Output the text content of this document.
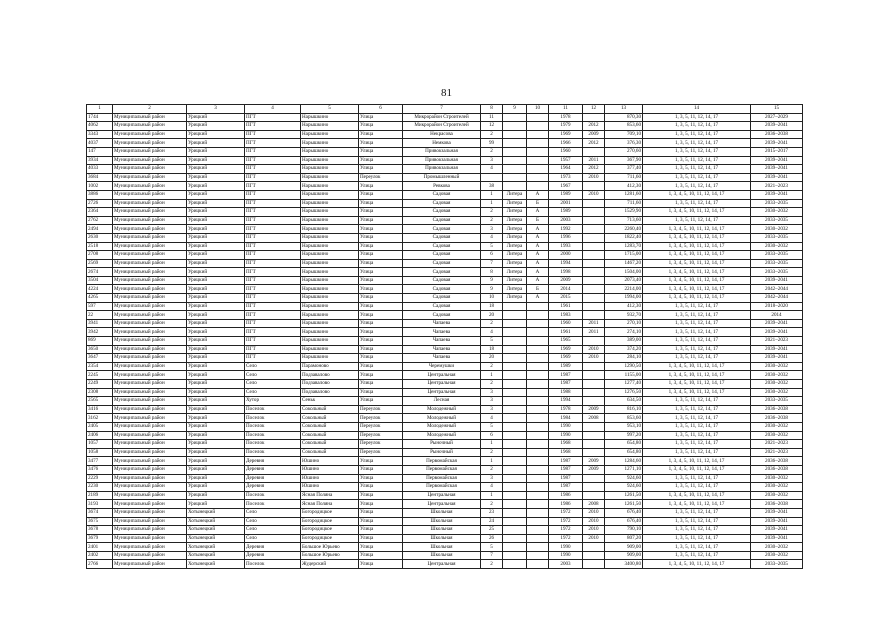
81
1	2	3	4	5	6	7	8	9	10	11	12	13	14	15
1744	Муниципальный район	Урицкий	ПГТ	Нарышкино	Улица	Микрорайон Строителей	11			1978		870,30	1, 3, 5, 11, 12, 14, 17	2027–2029
4062	Муниципальный район	Урицкий	ПГТ	Нарышкино	Улица	Микрорайон Строителей	12			1979	2012	853,60	1, 3, 5, 11, 12, 14, 17	2039–2041
3343	Муниципальный район	Урицкий	ПГТ	Нарышкино	Улица	Некрасова	2			1969	2009	709,10	1, 3, 5, 11, 12, 14, 17	2036–2038
4037	Муниципальный район	Урицкий	ПГТ	Нарышкино	Улица	Немкова	99			1966	2012	376,30	1, 3, 5, 11, 12, 14, 17	2039–2041
147	Муниципальный район	Урицкий	ПГТ	Нарышкино	Улица	Привокзальная	2			1960		270,60	1, 3, 5, 11, 12, 14, 17	2015–2017
3934	Муниципальный район	Урицкий	ПГТ	Нарышкино	Улица	Привокзальная	3			1957	2011	367,90	1, 3, 5, 11, 12, 14, 17	2039–2041
4033	Муниципальный район	Урицкий	ПГТ	Нарышкино	Улица	Привокзальная	4			1964	2012	377,40	1, 3, 5, 11, 12, 14, 17	2039–2041
3684	Муниципальный район	Урицкий	ПГТ	Нарышкино	Переулок	Промышленный				1973	2010	711,60	1, 3, 5, 11, 12, 14, 17	2039–2041
1002	Муниципальный район	Урицкий	ПГТ	Нарышкино	Улица	Ревкова	38			1967		412,30	1, 3, 5, 11, 12, 14, 17	2021–2023
3886	Муниципальный район	Урицкий	ПГТ	Нарышкино	Улица	Садовая	1	Литера	А	1989	2010	1281,60	1, 3, 4, 5, 10, 11, 12, 14, 17	2039–2041
2726	Муниципальный район	Урицкий	ПГТ	Нарышкино	Улица	Садовая	1	Литера	Б	2001		711,60	1, 3, 5, 11, 12, 14, 17	2033–2035
2364	Муниципальный район	Урицкий	ПГТ	Нарышкино	Улица	Садовая	2	Литера	А	1989		1529,90	1, 3, 4, 5, 10, 11, 12, 14, 17	2030–2032
2762	Муниципальный район	Урицкий	ПГТ	Нарышкино	Улица	Садовая	2	Литера	Б	2003		713,60	1, 3, 5, 11, 12, 14, 17	2033–2035
2494	Муниципальный район	Урицкий	ПГТ	Нарышкино	Улица	Садовая	3	Литера	А	1992		2260,40	1, 3, 4, 5, 10, 11, 12, 14, 17	2030–2032
2630	Муниципальный район	Урицкий	ПГТ	Нарышкино	Улица	Садовая	4	Литера	А	1996		1822,40	1, 3, 4, 5, 10, 11, 12, 14, 17	2033–2035
2518	Муниципальный район	Урицкий	ПГТ	Нарышкино	Улица	Садовая	5	Литера	А	1993		1283,70	1, 3, 4, 5, 10, 11, 12, 14, 17	2030–2032
2708	Муниципальный район	Урицкий	ПГТ	Нарышкино	Улица	Садовая	6	Литера	А	2000		1715,00	1, 3, 4, 5, 10, 11, 12, 14, 17	2033–2035
2569	Муниципальный район	Урицкий	ПГТ	Нарышкино	Улица	Садовая	7	Литера	А	1994		1467,20	1, 3, 4, 5, 10, 11, 12, 14, 17	2033–2035
2674	Муниципальный район	Урицкий	ПГТ	Нарышкино	Улица	Садовая	8	Литера	А	1998		1504,00	1, 3, 4, 5, 10, 11, 12, 14, 17	2033–2035
3504	Муниципальный район	Урицкий	ПГТ	Нарышкино	Улица	Садовая	9	Литера	А	2009		2073,40	1, 3, 4, 5, 10, 11, 12, 14, 17	2039–2041
4224	Муниципальный район	Урицкий	ПГТ	Нарышкино	Улица	Садовая	9	Литера	Б	2014		2214,00	1, 3, 4, 5, 10, 11, 12, 14, 17	2042–2044
4265	Муниципальный район	Урицкий	ПГТ	Нарышкино	Улица	Садовая	10	Литера	А	2015		1994,00	1, 3, 4, 5, 10, 11, 12, 14, 17	2042–2044
597	Муниципальный район	Урицкий	ПГТ	Нарышкино	Улица	Садовая	18			1961		412,30	1, 3, 5, 11, 12, 14, 17	2018–2020
22	Муниципальный район	Урицкий	ПГТ	Нарышкино	Улица	Садовая	20			1983		932,70	1, 3, 5, 11, 12, 14, 17	2014
3941	Муниципальный район	Урицкий	ПГТ	Нарышкино	Улица	Чапаева	2			1960	2011	270,10	1, 3, 5, 11, 12, 14, 17	2039–2041
3942	Муниципальный район	Урицкий	ПГТ	Нарышкино	Улица	Чапаева	4			1961	2011	274,10	1, 3, 5, 11, 12, 14, 17	2039–2041
869	Муниципальный район	Урицкий	ПГТ	Нарышкино	Улица	Чапаева	5			1965		389,00	1, 3, 5, 11, 12, 14, 17	2021–2023
3650	Муниципальный район	Урицкий	ПГТ	Нарышкино	Улица	Чапаева	18			1969	2010	374,20	1, 3, 5, 11, 12, 14, 17	2039–2041
3647	Муниципальный район	Урицкий	ПГТ	Нарышкино	Улица	Чапаева	20			1969	2010	284,10	1, 3, 5, 11, 12, 14, 17	2039–2041
2354	Муниципальный район	Урицкий	Село	Парамоново	Улица	Черемушки	2			1989		1290,50	1, 3, 4, 5, 10, 11, 12, 14, 17	2030–2032
2245	Муниципальный район	Урицкий	Село	Подзавалово	Улица	Центральная	1			1987		1155,00	1, 3, 4, 5, 10, 11, 12, 14, 17	2030–2032
2249	Муниципальный район	Урицкий	Село	Подзавалово	Улица	Центральная	2			1987		1277,40	1, 3, 4, 5, 10, 11, 12, 14, 17	2030–2032
2308	Муниципальный район	Урицкий	Село	Подзавалово	Улица	Центральная	3			1988		1276,50	1, 3, 4, 5, 10, 11, 12, 14, 17	2030–2032
2565	Муниципальный район	Урицкий	Хутор	Сеньк	Улица	Лесная	3			1994		634,50	1, 3, 5, 11, 12, 14, 17	2033–2035
3416	Муниципальный район	Урицкий	Поселок	Сокольный	Переулок	Молодежный	3			1978	2009	816,10	1, 3, 5, 11, 12, 14, 17	2036–2038
3162	Муниципальный район	Урицкий	Поселок	Сокольный	Переулок	Молодежный	4			1984	2008	853,60	1, 3, 5, 11, 12, 14, 17	2036–2038
2405	Муниципальный район	Урицкий	Поселок	Сокольный	Переулок	Молодежный	5			1990		953,10	1, 3, 5, 11, 12, 14, 17	2030–2032
2406	Муниципальный район	Урицкий	Поселок	Сокольный	Переулок	Молодежный	6			1990		997,20	1, 3, 5, 11, 12, 14, 17	2030–2032
1057	Муниципальный район	Урицкий	Поселок	Сокольный	Переулок	Рыночный	1			1968		654,80	1, 3, 5, 11, 12, 14, 17	2021–2023
1058	Муниципальный район	Урицкий	Поселок	Сокольный	Переулок	Рыночный	2			1968		654,80	1, 3, 5, 11, 12, 14, 17	2021–2023
3477	Муниципальный район	Урицкий	Деревня	Юшино	Улица	Первомайская	1			1987	2009	1284,60	1, 3, 4, 5, 10, 11, 12, 14, 17	2036–2038
3476	Муниципальный район	Урицкий	Деревня	Юшино	Улица	Первомайская	2			1987	2009	1271,10	1, 3, 4, 5, 10, 11, 12, 14, 17	2036–2038
2229	Муниципальный район	Урицкий	Деревня	Юшино	Улица	Первомайская	3			1987		924,60	1, 3, 5, 11, 12, 14, 17	2030–2032
2230	Муниципальный район	Урицкий	Деревня	Юшино	Улица	Первомайская	4			1987		924,60	1, 3, 5, 11, 12, 14, 17	2030–2032
2189	Муниципальный район	Урицкий	Поселок	Ясная Поляна	Улица	Центральная	1			1986		1261,50	1, 3, 4, 5, 10, 11, 12, 14, 17	2030–2032
3193	Муниципальный район	Урицкий	Поселок	Ясная Поляна	Улица	Центральная	2			1986	2008	1261,50	1, 3, 4, 5, 10, 11, 12, 14, 17	2036–2038
3674	Муниципальный район	Хотынецкий	Село	Богородицкое	Улица	Школьная	23			1972	2010	676,40	1, 3, 5, 11, 12, 14, 17	2039–2041
3675	Муниципальный район	Хотынецкий	Село	Богородицкое	Улица	Школьная	24			1972	2010	676,40	1, 3, 5, 11, 12, 14, 17	2039–2041
3678	Муниципальный район	Хотынецкий	Село	Богородицкое	Улица	Школьная	25			1972	2010	790,10	1, 3, 5, 11, 12, 14, 17	2039–2041
3679	Муниципальный район	Хотынецкий	Село	Богородицкое	Улица	Школьная	26			1972	2010	807,20	1, 3, 5, 11, 12, 14, 17	2039–2041
2401	Муниципальный район	Хотынецкий	Деревня	Большое Юрьево	Улица	Школьная	5			1990		909,00	1, 3, 5, 11, 12, 14, 17	2030–2032
2402	Муниципальный район	Хотынецкий	Деревня	Большое Юрьево	Улица	Школьная	7			1990		909,00	1, 3, 5, 11, 12, 14, 17	2030–2032
2766	Муниципальный район	Хотынецкий	Поселок	Жудерский	Улица	Центральная	2			2003		3400,80	1, 3, 4, 5, 10, 11, 12, 14, 17	2033–2035
